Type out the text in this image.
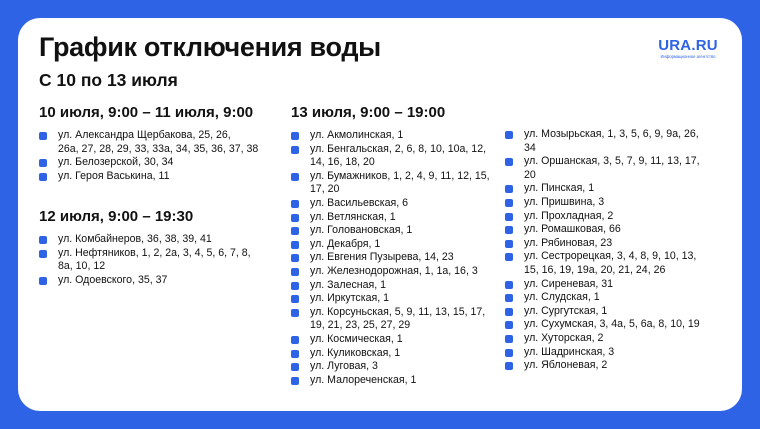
График отключения воды
С 10 по 13 июля
URA.RU
Информационное агентство
10 июля, 9:00 – 11 июля, 9:00
ул. Александра Щербакова, 25, 26,
26а, 27, 28, 29, 33, 33а, 34, 35, 36, 37, 38
ул. Белозерской, 30, 34
ул. Героя Васькина, 11
12 июля, 9:00 – 19:30
ул. Комбайнеров, 36, 38, 39, 41
ул. Нефтяников, 1, 2, 2а, 3, 4, 5, 6, 7, 8,
8а, 10, 12
ул. Одоевского, 35, 37
13 июля, 9:00 – 19:00
ул. Акмолинская, 1
ул. Бенгальская, 2, 6, 8, 10, 10а, 12,
14, 16, 18, 20
ул. Бумажников, 1, 2, 4, 9, 11, 12, 15,
17, 20
ул. Васильевская, 6
ул. Ветлянская, 1
ул. Головановская, 1
ул. Декабря, 1
ул. Евгения Пузырева, 14, 23
ул. Железнодорожная, 1, 1а, 16, 3
ул. Залесная, 1
ул. Иркутская, 1
ул. Корсуньская, 5, 9, 11, 13, 15, 17,
19, 21, 23, 25, 27, 29
ул. Космическая, 1
ул. Куликовская, 1
ул. Луговая, 3
ул. Малореченская, 1
ул. Мозырьская, 1, 3, 5, 6, 9, 9а, 26,
34
ул. Оршанская, 3, 5, 7, 9, 11, 13, 17,
20
ул. Пинская, 1
ул. Пришвина, 3
ул. Прохладная, 2
ул. Ромашковая, 66
ул. Рябиновая, 23
ул. Сестрорецкая, 3, 4, 8, 9, 10, 13,
15, 16, 19, 19а, 20, 21, 24, 26
ул. Сиреневая, 31
ул. Слудская, 1
ул. Сургутская, 1
ул. Сухумская, 3, 4а, 5, 6а, 8, 10, 19
ул. Хуторская, 2
ул. Шадринская, 3
ул. Яблоневая, 2
